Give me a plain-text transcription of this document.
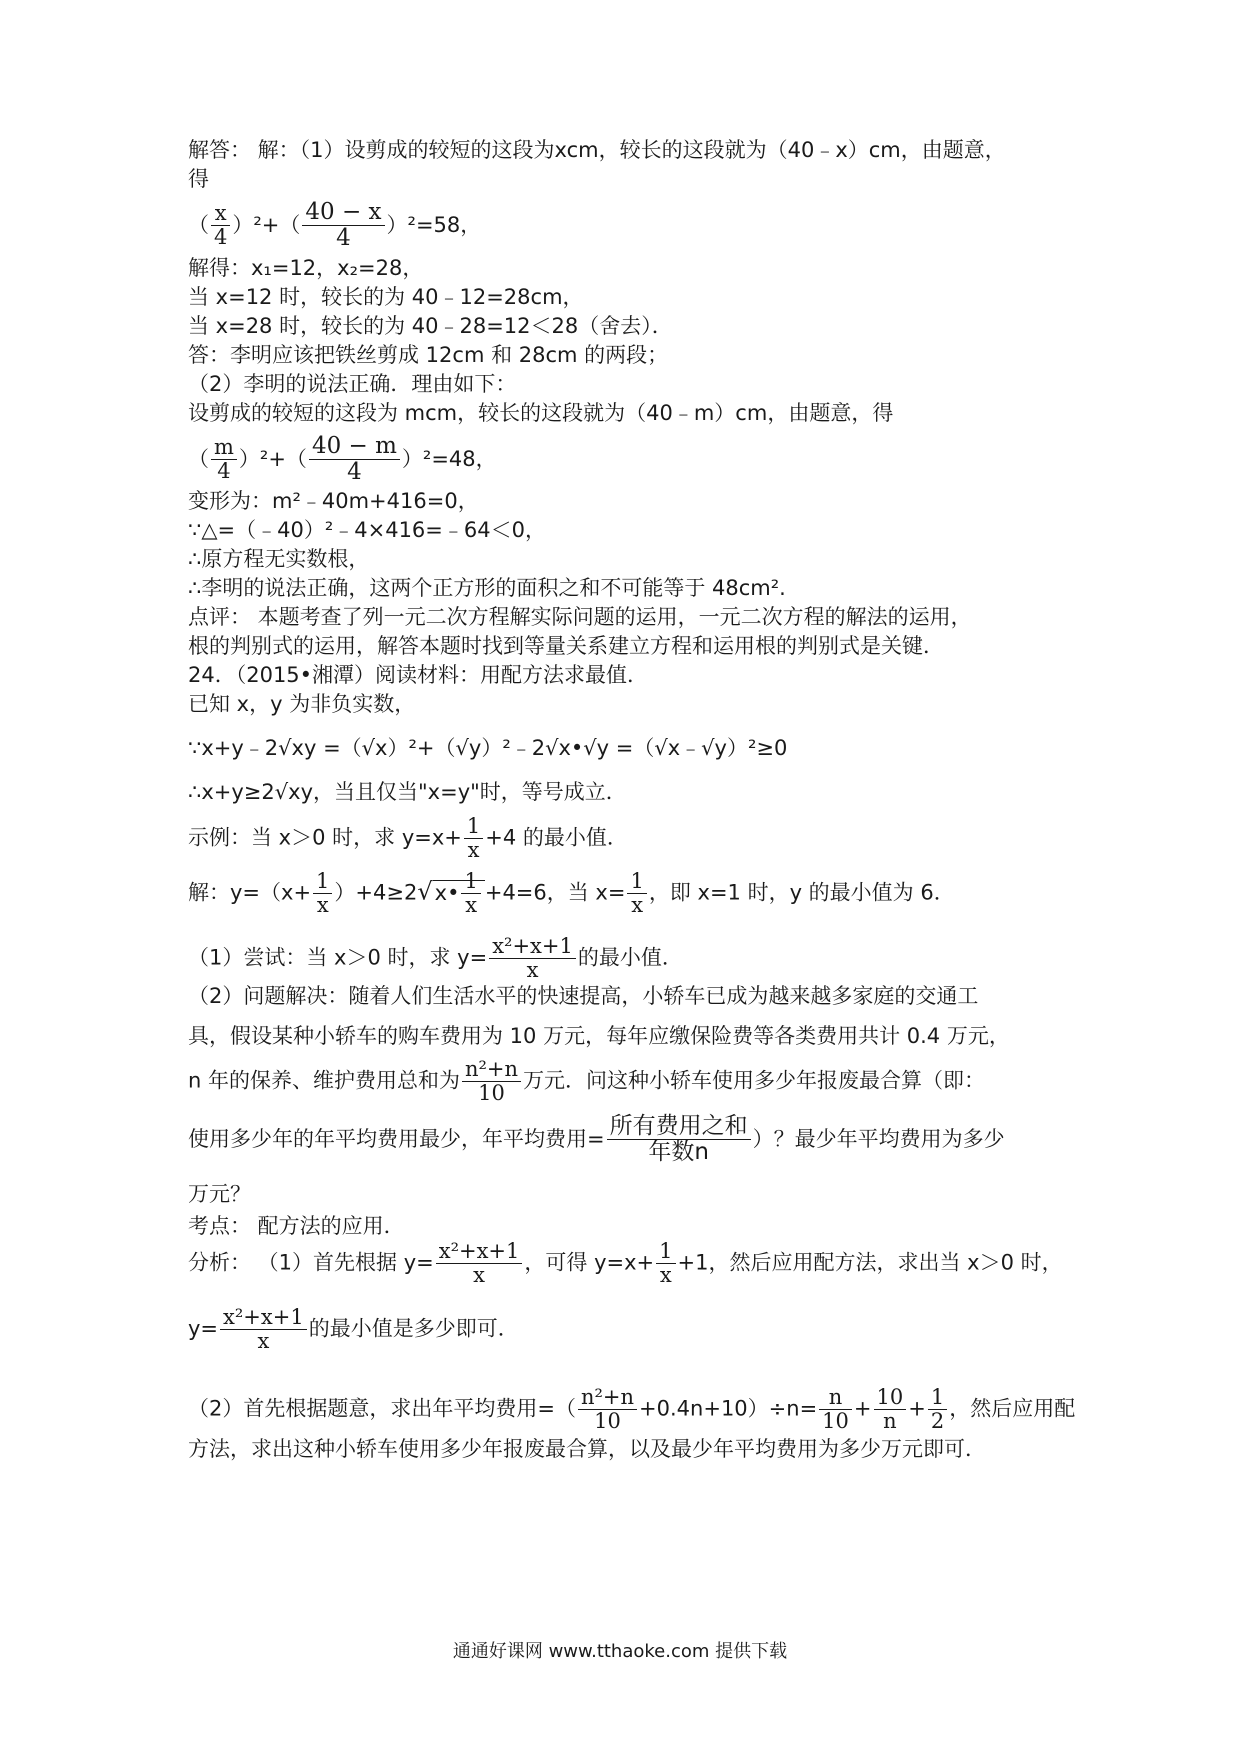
解答： 解：（1）设剪成的较短的这段为xcm，较长的这段就为（40﹣x）cm，由题意，
得
（ $\frac{x}{4} )^2+( \frac{40 - x}{4} )^2=58$，
解得：x₁=12，x₂=28，
当 x=12 时，较长的为 40﹣12=28cm，
当 x=28 时，较长的为 40﹣28=12＜28（舍去）．
答：李明应该把铁丝剪成 12cm 和 28cm 的两段；
（2）李明的说法正确．理由如下：
设剪成的较短的这段为 mcm，较长的这段就为（40﹣m）cm，由题意，得
（ $\frac{m}{4} )^2+( \frac{40 - m}{4} )^2=48$，
变形为：m²﹣40m+416=0，
∵△=（﹣40）²﹣4×416=﹣64＜0，
∴原方程无实数根，
∴李明的说法正确，这两个正方形的面积之和不可能等于 48cm².
点评： 本题考查了列一元二次方程解实际问题的运用，一元二次方程的解法的运用，
根的判别式的运用，解答本题时找到等量关系建立方程和运用根的判别式是关键．
24．（2015•湘潭）阅读材料：用配方法求最值．
已知 x，y 为非负实数，
∵x+y﹣2√xy =（√x）²+（√y）²﹣2√x•√y =（√x﹣√y）²≥0
∴x+y≥2√xy，当且仅当"x=y"时，等号成立．
示例：当 x＞0 时，求 $y=x+ \frac{1}{x} +4$ 的最小值．
解：$y=(x+ \frac{1}{x}$ ）+4≥2√x• $\frac{1}{x} +4=6$，当 $x= \frac{1}{x}$ ，即 x=1 时，y 的最小值为 6．
（1）尝试：当 x＞0 时，求 $y= \frac{\text{x²+x+1}}{x}$ 的最小值．
（2）问题解决：随着人们生活水平的快速提高，小轿车已成为越来越多家庭的交通工
具，假设某种小轿车的购车费用为 10 万元，每年应缴保险费等各类费用共计 0.4 万元，
n 年的保养、维护费用总和为 $\frac{\text{n²+n}}{10}$ 万元．问这种小轿车使用多少年报废最合算（即：
使用多少年的年平均费用最少，年平均费用= $\frac{\text{所有费用之和}}{\text{年数n}}$ ）？最少年平均费用为多少
万元？
考点： 配方法的应用．
分析： （1）首先根据 $y= \frac{\text{x²+x+1}}{x}$ ，可得 $y=x+ \frac{1}{x} +1$，然后应用配方法，求出当 x＞0 时，
$y= \frac{\text{x²+x+1}}{x}$ 的最小值是多少即可．
（2）首先根据题意，求出年平均费用=（ $\frac{\text{n²+n}}{10} +0.4n+10)\div n= \frac{n}{10} + \frac{10}{n} + \frac{1}{2}$ ，然后应用配
方法，求出这种小轿车使用多少年报废最合算，以及最少年平均费用为多少万元即可．
通通好课网 www.tthaoke.com 提供下载
